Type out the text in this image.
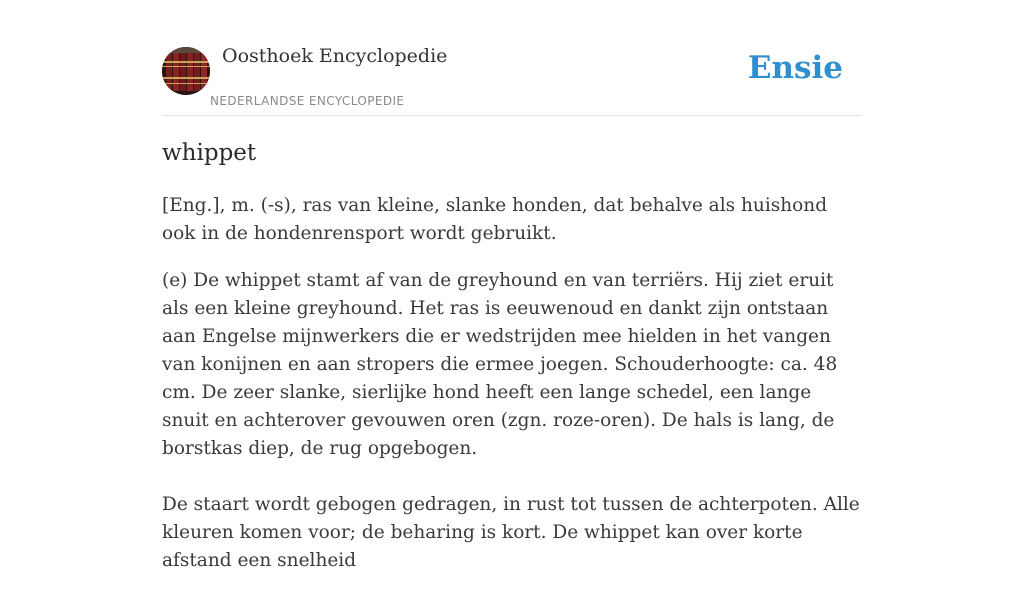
Oosthoek Encyclopedie
NEDERLANDSE ENCYCLOPEDIE
Ensie
whippet

[Eng.], m. (-s), ras van kleine, slanke honden, dat behalve als huishond ook in de hondenrensport wordt gebruikt.

(e) De whippet stamt af van de greyhound en van terriërs. Hij ziet eruit als een kleine greyhound. Het ras is eeuwenoud en dankt zijn ontstaan aan Engelse mijnwerkers die er wedstrijden mee hielden in het vangen van konijnen en aan stropers die ermee joegen. Schouderhoogte: ca. 48 cm. De zeer slanke, sierlijke hond heeft een lange schedel, een lange snuit en achterover gevouwen oren (zgn. roze-oren). De hals is lang, de borstkas diep, de rug opgebogen.

De staart wordt gebogen gedragen, in rust tot tussen de achterpoten. Alle kleuren komen voor; de beharing is kort. De whippet kan over korte afstand een snelheid
